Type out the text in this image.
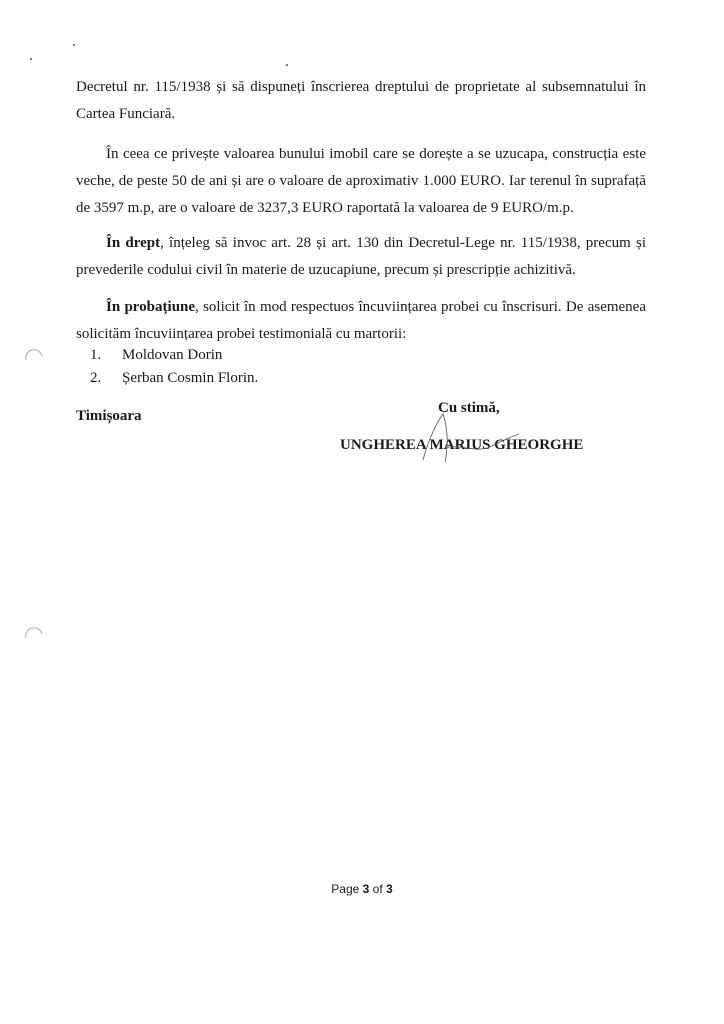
Decretul nr. 115/1938 și să dispuneți înscrierea dreptului de proprietate al subsemnatului în Cartea Funciară.
În ceea ce privește valoarea bunului imobil care se dorește a se uzucapa, construcția este veche, de peste 50 de ani și are o valoare de aproximativ 1.000 EURO. Iar terenul în suprafață de 3597 m.p, are o valoare de 3237,3 EURO raportată la valoarea de 9 EURO/m.p.
În drept, înțeleg să invoc art. 28 și art. 130 din Decretul-Lege nr. 115/1938, precum și prevederile codului civil în materie de uzucapiune, precum și prescripție achizitivă.
În probațiune, solicit în mod respectuos încuviințarea probei cu înscrisuri. De asemenea solicităm încuviințarea probei testimonială cu martorii:
1.	Moldovan Dorin
2.	Șerban Cosmin Florin.
Timișoara	Cu stimă,
UNGHEREA MARIUS GHEORGHE
Page 3 of 3
